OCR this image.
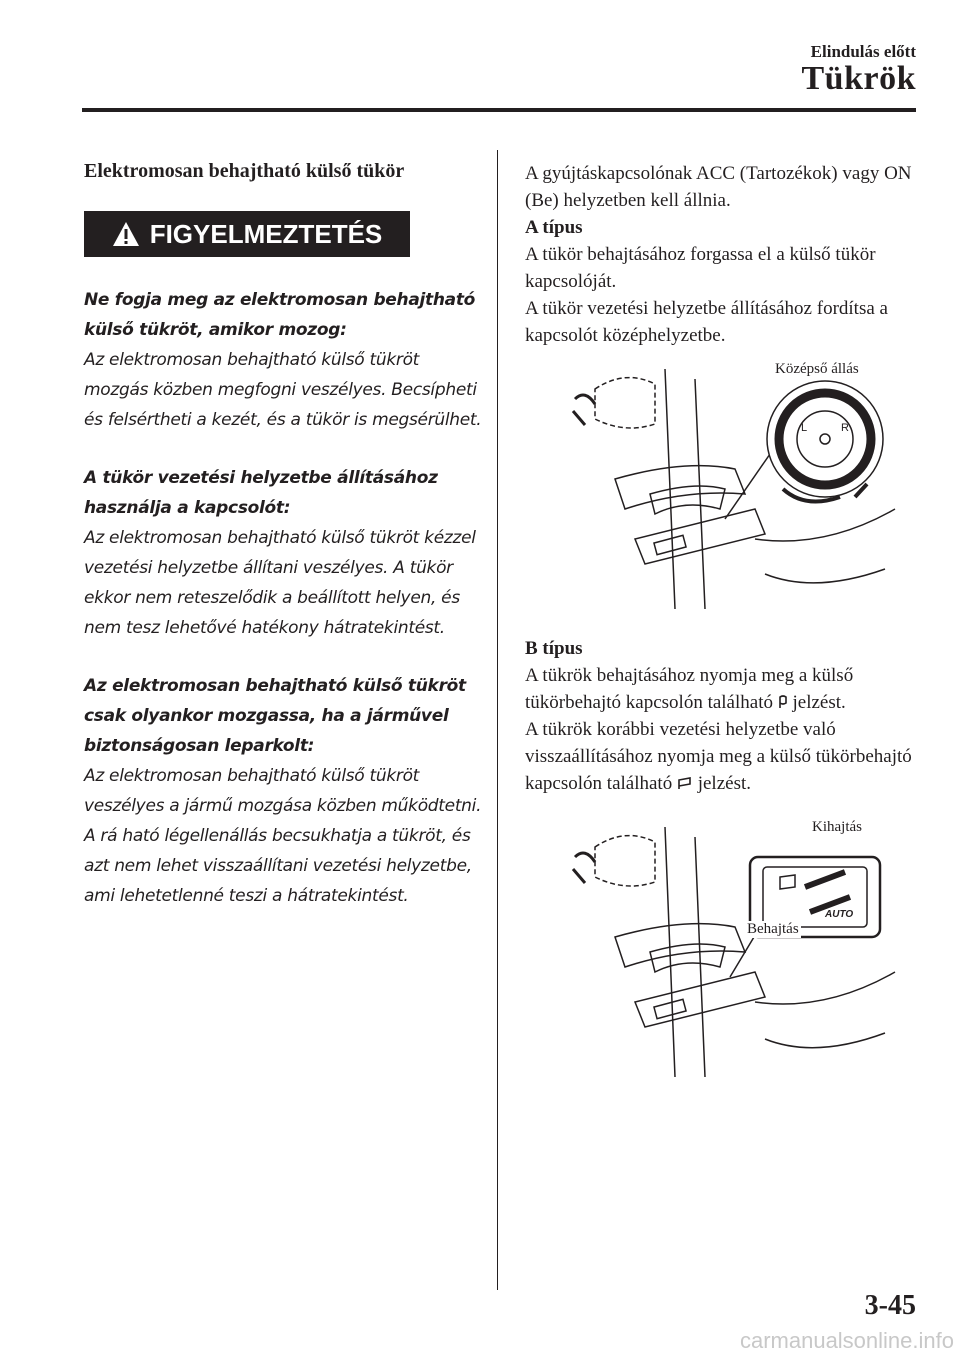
Elindulás előtt
Tükrök
Elektromosan behajtható külső tükör
FIGYELMEZTETÉS
Ne fogja meg az elektromosan behajtható külső tükröt, amikor mozog:
Az elektromosan behajtható külső tükröt mozgás közben megfogni veszélyes. Becsípheti és felsértheti a kezét, és a tükör is megsérülhet.
A tükör vezetési helyzetbe állításához használja a kapcsolót:
Az elektromosan behajtható külső tükröt kézzel vezetési helyzetbe állítani veszélyes. A tükör ekkor nem reteszelődik a beállított helyen, és nem tesz lehetővé hatékony hátratekintést.
Az elektromosan behajtható külső tükröt csak olyankor mozgassa, ha a járművel biztonságosan leparkolt:
Az elektromosan behajtható külső tükröt veszélyes a jármű mozgása közben működtetni. A rá ható légellenállás becsukhatja a tükröt, és azt nem lehet visszaállítani vezetési helyzetbe, ami lehetetlenné teszi a hátratekintést.
A gyújtáskapcsolónak ACC (Tartozékok) vagy ON (Be) helyzetben kell állnia.
A típus
A tükör behajtásához forgassa el a külső tükör kapcsolóját.
A tükör vezetési helyzetbe állításához fordítsa a kapcsolót középhelyzetbe.
L	R
Középső állás
B típus
A tükrök behajtásához nyomja meg a külső tükörbehajtó kapcsolón található jelzést.
A tükrök korábbi vezetési helyzetbe való visszaállításához nyomja meg a külső tükörbehajtó kapcsolón található jelzést.
AUTO
Kihajtás
Behajtás
3-45
carmanualsonline.info
